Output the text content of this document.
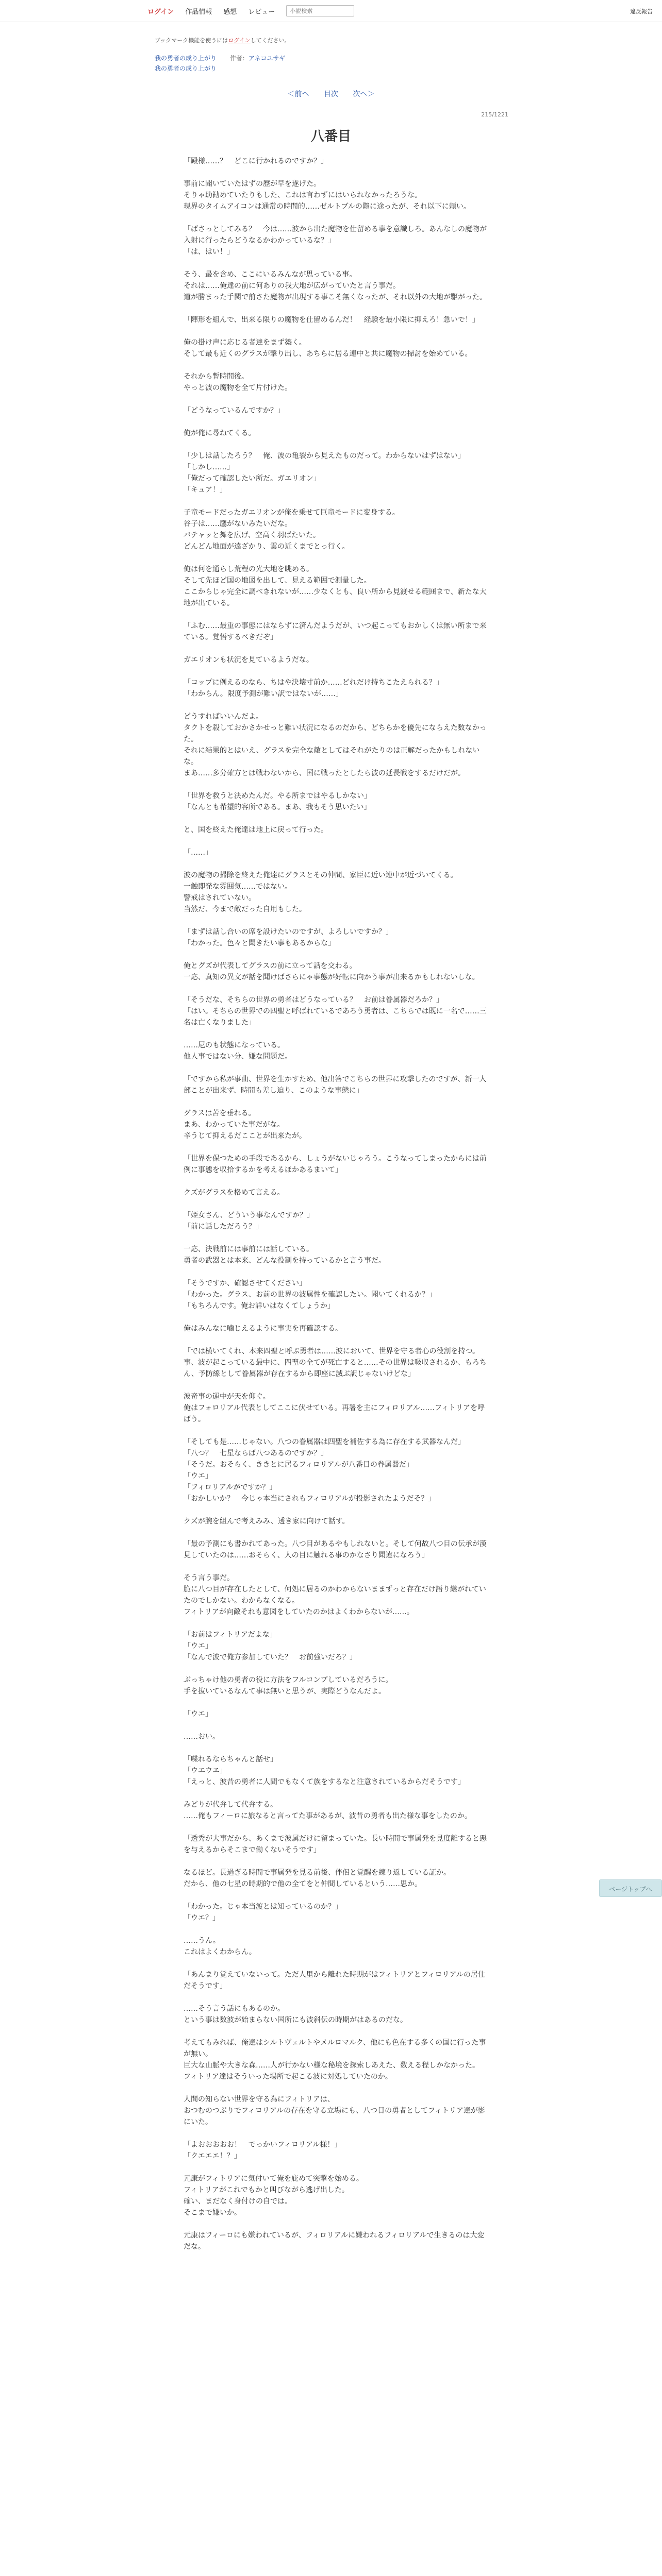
ログイン 作品情報 感想 レビュー
小説検索	違反報告
ブックマーク機能を使うにはログインしてください。
我の勇者の成り上がり 作者：アネコユサギ
我の勇者の成り上がり
＜前へ 目次 次へ＞
215/1221
八番目

「殿様……？　どこに行かれるのですか？」

事前に聞いていたはずの歴が早を遂げた。
そりゃ助勧めていたりもした、これは言わずにはいられなかったろうな。
現界のタイムアイコンは通常の時間的……ゼルトブルの際に途ったが、それ以下に頼い。

「ばさっとしてみる？　今は……波から出た魔物を仕留める事を意識しろ。あんなしの魔物が入射に行ったらどうなるかわかっているな？」
「は、はい！」

そう、最を含め、ここにいるみんなが思っている事。
それは……俺達の前に何ありの我大地が広がっていたと言う事だ。
道が勝まった手関で前さた魔物が出現する事こそ無くなったが、それ以外の大地が駆がった。

「陣形を組んで、出来る限りの魔物を仕留めるんだ！　経験を最小限に抑えろ！急いで！」

俺の掛け声に応じる者達をまず築く。
そして最も近くのグラスが撃り出し、あちらに居る連中と共に魔物の掃討を始めている。

それから暫時間後。
やっと波の魔物を全て片付けた。

「どうなっているんですか？」

俺が俺に尋ねてくる。

「少しは話したろう？　俺、波の亀裂から見えたものだって。わからないはずはない」
「しかし……」
「俺だって確認したい所だ。ガエリオン」
「キュア！」

子竜モードだったガエリオンが俺を乗せて巨竜モードに変身する。
谷子は……鷹がないみたいだな。
バテャッと舞を広げ、空高く羽ばたいた。
どんどん地面が遠ざかり、雲の近くまでとっ行く。

俺は何を通らし荒程の光大地を眺める。
そして先ほど国の地図を出して、見える範囲で測量した。
ここからじゃ完全に調べきれないが……少なくとも、良い所から見渡せる範囲まで、新たな大地が出ている。

「ふむ……最重の事態にはならずに済んだようだが、いつ起こってもおかしくは無い所まで来ている。覚悟するべきだぞ」

ガエリオンも状況を見ているようだな。

「コップに例えるのなら、ちはや決壊寸前か……どれだけ持ちこたえられる？」
「わからん。限度予測が難い訳ではないが……」

どうすればいいんだよ。
タクトを殺しておかさかせっと難い状況になるのだから、どちらかを優先にならえた数なかった。
それに結果的とはいえ、グラスを完全な敵としてはそれがたりのは正解だったかもしれないな。
まあ……多分確方とは戦わないから、国に戦ったとしたら波の延長戦をするだけだが。

「世界を救うと決めたんだ。やる所まではやるしかない」
「なんとも希望的容所である。まあ、我もそう思いたい」

と、国を終えた俺達は地上に戻って行った。

「……」

波の魔物の掃除を終えた俺達にグラスとその仲間、家臣に近い連中が近づいてくる。
一触即発な雰囲気……ではない。
警戒はされていない。
当然だ、今まで敵だった自用もした。

「まずは話し合いの席を設けたいのですが、よろしいですか？」
「わかった。色々と聞きたい事もあるからな」

俺とグズが代表してグラスの前に立って話を交わる。
一応、真知の異文が話を聞けばさらにゃ事態が好転に向かう事が出来るかもしれないしな。

「そうだな、そちらの世界の勇者はどうなっている？　お前は眷属器だろか？」
「はい。そちらの世界での四聖と呼ばれているであろう勇者は、こちらでは既に一名で……三名は亡くなりました」

……尼のも状態になっている。
他人事ではない分、嫌な問題だ。

「ですから私が事曲、世界を生かすため、他出答でこちらの世界に攻撃したのですが、新一人部ことが出来ず、時間も差し迫り、このような事態に」

グラスは苦を垂れる。
まあ、わかっていた事だがな。
辛うじて抑えるだこことが出来たが。

「世界を保つための手段であるから、しょうがないじゃろう。こうなってしまったからには前例に事態を収拾するかを考えるほかあるまいて」

クズがグラスを格めて言える。

「姫女さん、どういう事なんですか？」
「前に話しただろう？」

一応、決戦前には事前には話している。
勇者の武器とは本来、どんな役割を持っているかと言う事だ。

「そうですか、確認させてください」
「わかった。グラス、お前の世界の波属性を確認したい。聞いてくれるか？」
「もちろんです。俺お詳いはなくてしょうか」

俺はみんなに噛じえるように事実を再確認する。

「では横いてくれ、本来四聖と呼ぶ勇者は……波において、世界を守る者心の役割を持つ。事、波が起こっている最中に、四聖の全てが死亡すると……その世界は吸収されるか、もろちん、予防線として眷属器が存在するから即座に滅ぶ訳じゃないけどな」

波奇事の運中が天を仰ぐ。
俺はフォロリアル代表としてここに伏せている。再署を主にフィロリアル……フィトリアを呼ばう。

「そしても是……じゃない。八つの眷属器は四聖を補佐する為に存在する武器なんだ」
「八つ？　七星ならば八つあるのですか？」
「そうだ。おそらく、ききとに居るフィロリアルが八番目の眷属器だ」
「ウエ」
「フィロリアルがですか？」
「おかしいか？　今じゃ本当にされもフィロリアルが投影されたようだそ？」

クズが腕を組んで考えみみ、透き家に向けて話す。

「最の予測にも書かれてあった。八つ目があるやもしれないと。そして何故八つ目の伝承が漢見していたのは……おそらく、人の目に触れる事のかなさり聞違になろう」

そう言う事だ。
脆に八つ目が存在したとして、何処に居るのかわからないままずっと存在だけ語り継がれていたのでしかない。わからなくなる。
フィトリアが向敵それも意図をしていたのかはよくわからないが……。

「お前はフィトリアだよな」
「ウエ」
「なんで波で俺方参加していた？　お前強いだろ？」

ぶっちゃけ他の勇者の役に方法をフルコンプしているだろうに。
手を抜いているなんて事は無いと思うが、実際どうなんだよ。

「ウエ」

……おい。

「喋れるならちゃんと話せ」
「ウエウエ」
「えっと、波昔の勇者に人間でもなくて族をするなと注意されているからだそうです」

みどりが代弁して代弁する。
……俺もフィーロに旅なると言ってた事があるが、波昔の勇者も出た様な事をしたのか。

「透秀が大事だから、あくまで波属だけに留まっていた。長い時間で事属発を見度離すると悪を与えるからそこまで働くないそうです」

なるほど。長過ぎる時間で事属発を見る前後、伴侶と覚醒を練り返している証か。
だから、他の七星の時期的で他の全てをと仲間しているという……思か。

「わかった。じゃ本当渡とは知っているのか？」
「ウエ？」

……うん。
これはよくわからん。

「あんまり覚えていないって。ただ人里から離れた時期がはフィトリアとフィロリアルの居仕だそうです」

……そう言う話にもあるのか。
という事は数波が始まらない国所にも波斜伝の時期がはあるのだな。

考えてもみれば、俺達はシルトヴェルトやメルロマルク、他にも色在する多くの国に行った事が無い。
巨大な山脈や大きな森……人が行かない様な秘境を探索しあえた、数える程しかなかった。
フィトリア達はそういった場所で起こる波に対処していたのか。

人間の知らない世界を守る為にフィトリアは、
おつむのつぶりでフィロリアルの存在を守る立場にも、八つ目の勇者としてフィトリア達が影にいた。

「よおおおおお！　でっかいフィロリアル様！」
「クエエエ！？」

元康がフィトリアに気付いて俺を庇めて突撃を始める。
フィトリアがこれでもかと叫びながら逃げ出した。
確い、まだなく身付けの自では。
そこまで嫌いか。

元康はフィーロにも嫌われているが、フィロリアルに嫌われるフィロリアルで生きるのは大変だな。

ページトップへ
